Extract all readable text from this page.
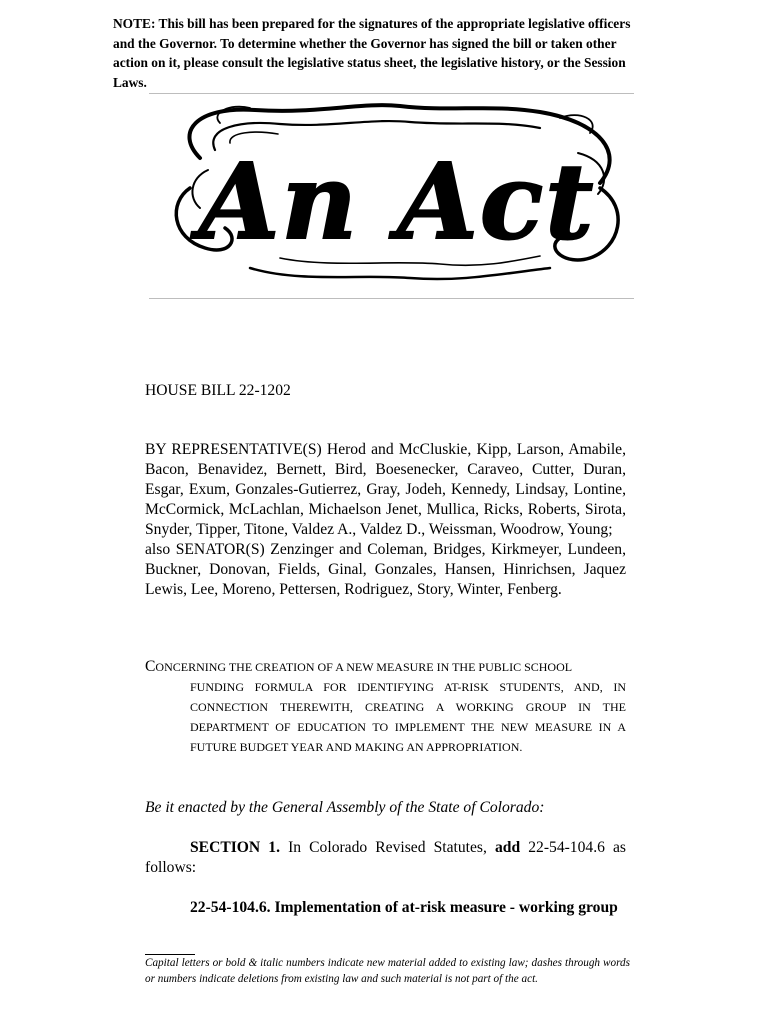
NOTE: This bill has been prepared for the signatures of the appropriate legislative officers and the Governor. To determine whether the Governor has signed the bill or taken other action on it, please consult the legislative status sheet, the legislative history, or the Session Laws.
An Act
HOUSE BILL 22-1202

BY REPRESENTATIVE(S) Herod and McCluskie, Kipp, Larson, Amabile, Bacon, Benavidez, Bernett, Bird, Boesenecker, Caraveo, Cutter, Duran, Esgar, Exum, Gonzales-Gutierrez, Gray, Jodeh, Kennedy, Lindsay, Lontine, McCormick, McLachlan, Michaelson Jenet, Mullica, Ricks, Roberts, Sirota, Snyder, Tipper, Titone, Valdez A., Valdez D., Weissman, Woodrow, Young;

also SENATOR(S) Zenzinger and Coleman, Bridges, Kirkmeyer, Lundeen, Buckner, Donovan, Fields, Ginal, Gonzales, Hansen, Hinrichsen, Jaquez Lewis, Lee, Moreno, Pettersen, Rodriguez, Story, Winter, Fenberg.

CONCERNING THE CREATION OF A NEW MEASURE IN THE PUBLIC SCHOOL
FUNDING FORMULA FOR IDENTIFYING AT-RISK STUDENTS, AND, IN CONNECTION THEREWITH, CREATING A WORKING GROUP IN THE DEPARTMENT OF EDUCATION TO IMPLEMENT THE NEW MEASURE IN A FUTURE BUDGET YEAR AND MAKING AN APPROPRIATION.
Be it enacted by the General Assembly of the State of Colorado:
SECTION 1. In Colorado Revised Statutes, add 22-54-104.6 as follows:
22-54-104.6. Implementation of at-risk measure - working group
Capital letters or bold & italic numbers indicate new material added to existing law; dashes through words or numbers indicate deletions from existing law and such material is not part of the act.
